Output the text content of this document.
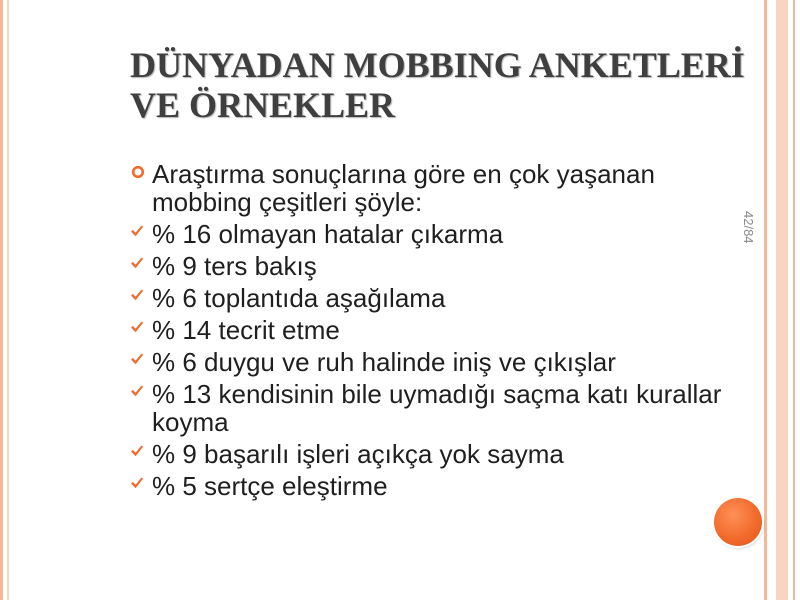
DÜNYADAN MOBBING ANKETLERİ VE ÖRNEKLER
Araştırma sonuçlarına göre en çok yaşanan mobbing çeşitleri şöyle:
% 16 olmayan hatalar çıkarma
% 9 ters bakış
% 6 toplantıda aşağılama
% 14 tecrit etme
% 6 duygu ve ruh halinde iniş ve çıkışlar
% 13 kendisinin bile uymadığı saçma katı kurallar koyma
% 9 başarılı işleri açıkça yok sayma
% 5 sertçe eleştirme
42/84
